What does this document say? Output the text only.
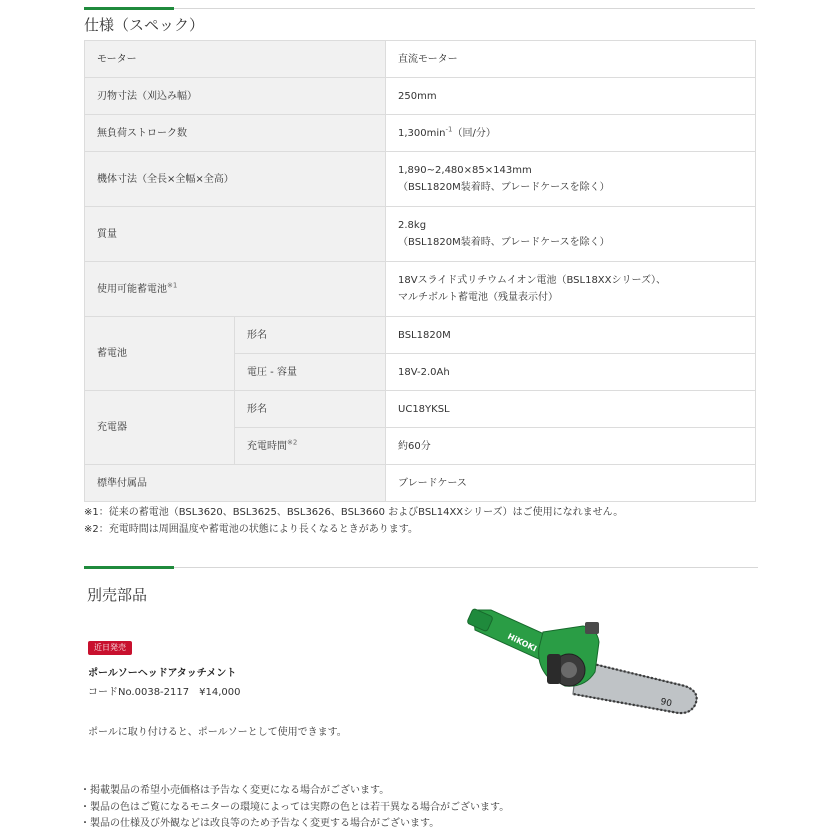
仕様（スペック）
モーター		直流モーター
刃物寸法（刈込み幅）		250mm
無負荷ストローク数		$1,300\min^{-1}$（回/分）
機体寸法（全長×全幅×全高）		1,890~2,480×85×143mm
（BSL1820M装着時、ブレードケースを除く）

質量		2.8kg
（BSL1820M装着時、ブレードケースを除く）

使用可能蓄電池$^{※1}$		18Vスライド式リチウムイオン電池（BSL18XXシリーズ）、
マルチボルト蓄電池（残量表示付）

蓄電池	形名	BSL1820M
	電圧 - 容量	18V-2.0Ah
充電器	形名	UC18YKSL
	充電時間$^{※2}$	約60分
標準付属品		ブレードケース
※1：従来の蓄電池（BSL3620、BSL3625、BSL3626、BSL3660 およびBSL14XXシリーズ）はご使用になれません。
※2：充電時間は周囲温度や蓄電池の状態により長くなるときがあります。
別売部品
近日発売
ポールソーヘッドアタッチメント
コードNo.0038-2117　¥14,000
ポールに取り付けると、ポールソーとして使用できます。
90
HiKOKI
・掲載製品の希望小売価格は予告なく変更になる場合がございます。
・製品の色はご覧になるモニターの環境によっては実際の色とは若干異なる場合がございます。
・製品の仕様及び外観などは改良等のため予告なく変更する場合がございます。
